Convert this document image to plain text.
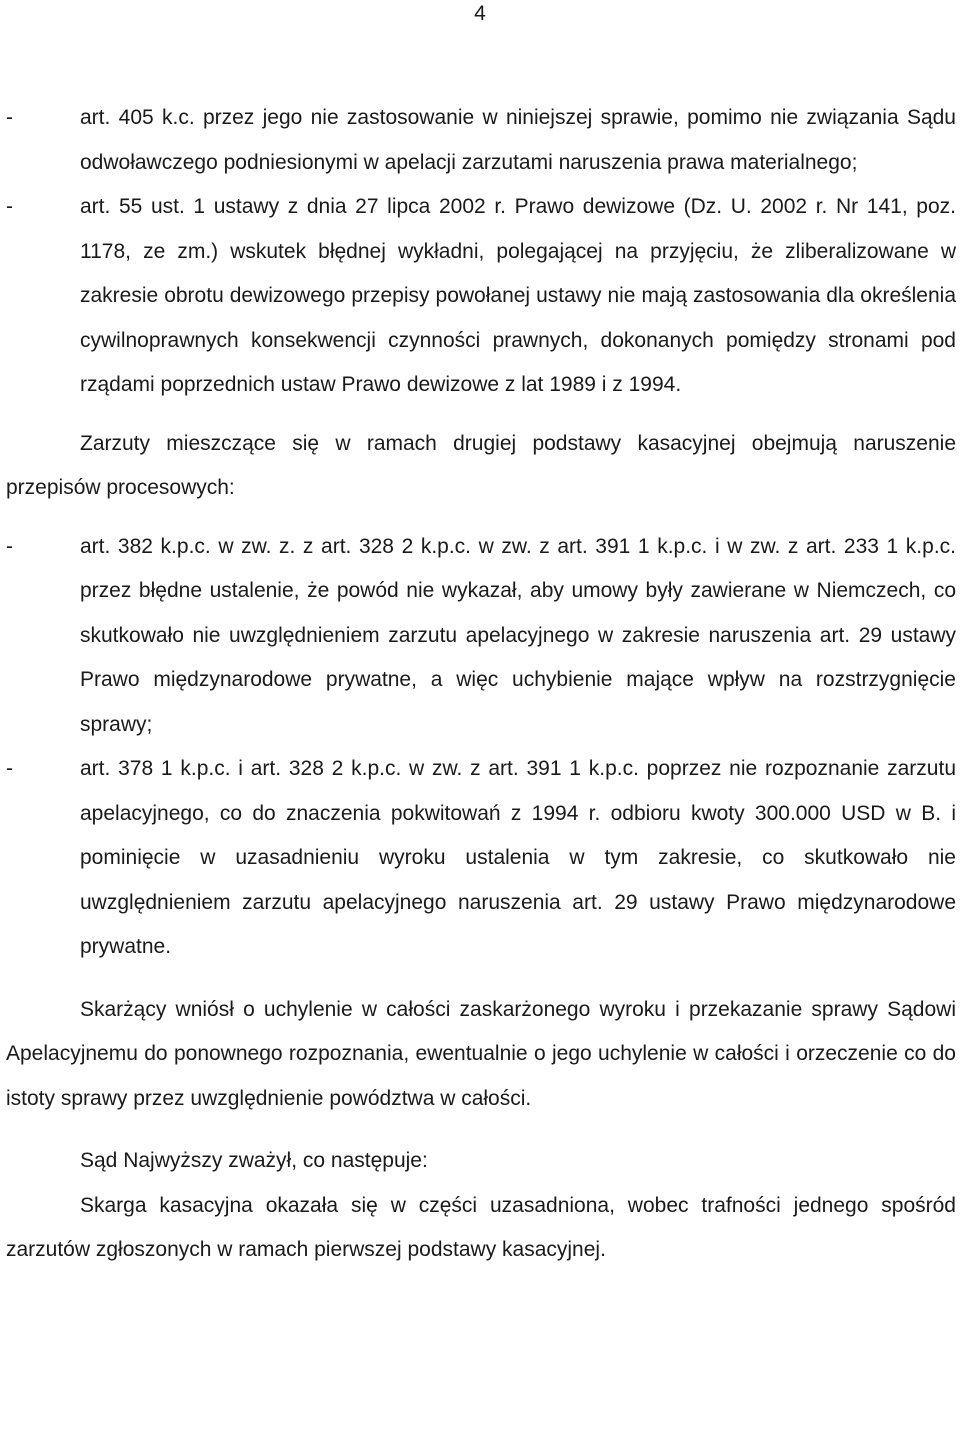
4
-	art. 405 k.c. przez jego nie zastosowanie w niniejszej sprawie, pomimo nie związania Sądu odwoławczego podniesionymi w apelacji zarzutami naruszenia prawa materialnego;
-	art. 55 ust. 1 ustawy z dnia 27 lipca 2002 r. Prawo dewizowe (Dz. U. 2002 r. Nr 141, poz. 1178, ze zm.) wskutek błędnej wykładni, polegającej na przyjęciu, że zliberalizowane w zakresie obrotu dewizowego przepisy powołanej ustawy nie mają zastosowania dla określenia cywilnoprawnych konsekwencji czynności prawnych, dokonanych pomiędzy stronami pod rządami poprzednich ustaw Prawo dewizowe z lat 1989 i z 1994.
Zarzuty mieszczące się w ramach drugiej podstawy kasacyjnej obejmują naruszenie przepisów procesowych:
-	art. 382 k.p.c. w zw. z. z art. 328 2 k.p.c. w zw. z art. 391 1 k.p.c. i w zw. z art. 233 1 k.p.c. przez błędne ustalenie, że powód nie wykazał, aby umowy były zawierane w Niemczech, co skutkowało nie uwzględnieniem zarzutu apelacyjnego w zakresie naruszenia art. 29 ustawy Prawo międzynarodowe prywatne, a więc uchybienie mające wpływ na rozstrzygnięcie sprawy;
-	art. 378 1 k.p.c. i art. 328 2 k.p.c. w zw. z art. 391 1 k.p.c. poprzez nie rozpoznanie zarzutu apelacyjnego, co do znaczenia pokwitowań z 1994 r. odbioru kwoty 300.000 USD w B. i pominięcie w uzasadnieniu wyroku ustalenia w tym zakresie, co skutkowało nie uwzględnieniem zarzutu apelacyjnego naruszenia art. 29 ustawy Prawo międzynarodowe prywatne.
Skarżący wniósł o uchylenie w całości zaskarżonego wyroku i przekazanie sprawy Sądowi Apelacyjnemu do ponownego rozpoznania, ewentualnie o jego uchylenie w całości i orzeczenie co do istoty sprawy przez uwzględnienie powództwa w całości.
Sąd Najwyższy zważył, co następuje:
Skarga kasacyjna okazała się w części uzasadniona, wobec trafności jednego spośród zarzutów zgłoszonych w ramach pierwszej podstawy kasacyjnej.
